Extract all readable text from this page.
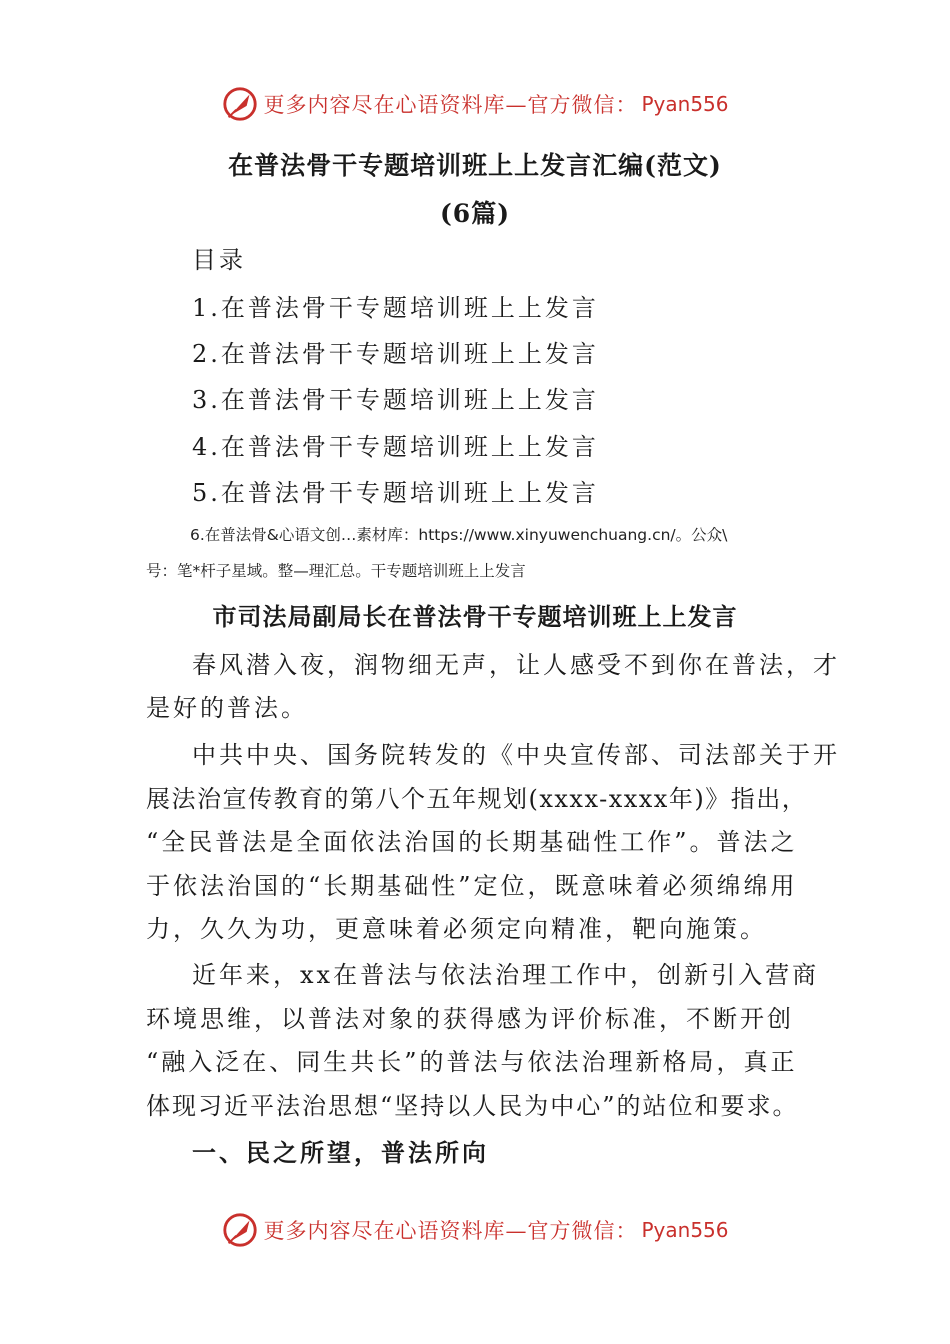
更多内容尽在心语资料库—官方微信： Pyan556
在普法骨干专题培训班上上发言汇编(范文)
(6篇)
目录
1.在普法骨干专题培训班上上发言
2.在普法骨干专题培训班上上发言
3.在普法骨干专题培训班上上发言
4.在普法骨干专题培训班上上发言
5.在普法骨干专题培训班上上发言
6.在普法骨&心语文创…素材库：https://www.xinyuwenchuang.cn/。公众\
号：笔*杆子星域。整—理汇总。干专题培训班上上发言
市司法局副局长在普法骨干专题培训班上上发言
春风潜入夜，润物细无声，让人感受不到你在普法，才
是好的普法。
中共中央、国务院转发的《中央宣传部、司法部关于开
展法治宣传教育的第八个五年规划(xxxx-xxxx年)》指出，
“全民普法是全面依法治国的长期基础性工作”。普法之
于依法治国的“长期基础性”定位，既意味着必须绵绵用
力，久久为功，更意味着必须定向精准，靶向施策。
近年来，xx在普法与依法治理工作中，创新引入营商
环境思维，以普法对象的获得感为评价标准，不断开创
“融入泛在、同生共长”的普法与依法治理新格局，真正
体现习近平法治思想“坚持以人民为中心”的站位和要求。
一、民之所望，普法所向
更多内容尽在心语资料库—官方微信： Pyan556
